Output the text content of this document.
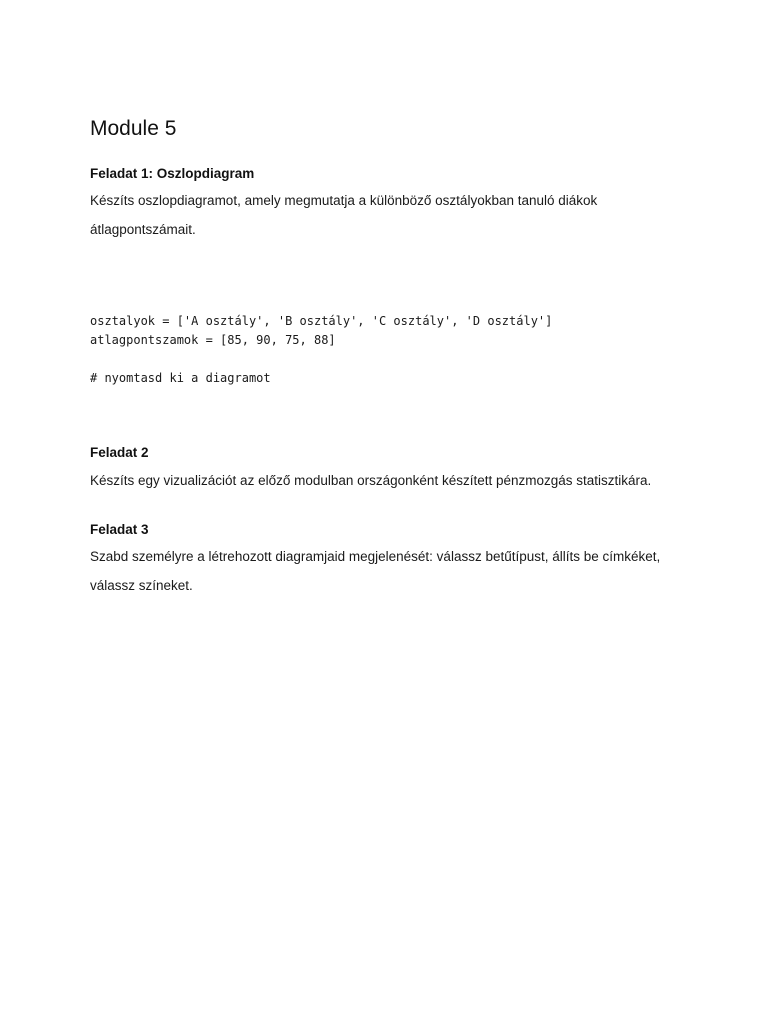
Module 5
Feladat 1: Oszlopdiagram

Készíts oszlopdiagramot, amely megmutatja a különböző osztályokban tanuló diákok átlagpontszámait.

osztalyok = ['A osztály', 'B osztály', 'C osztály', 'D osztály']
atlagpontszamok = [85, 90, 75, 88]
# nyomtasd ki a diagramot
Feladat 2

Készíts egy vizualizációt az előző modulban országonként készített pénzmozgás statisztikára.

Feladat 3

Szabd személyre a létrehozott diagramjaid megjelenését: válassz betűtípust, állíts be címkéket, válassz színeket.
